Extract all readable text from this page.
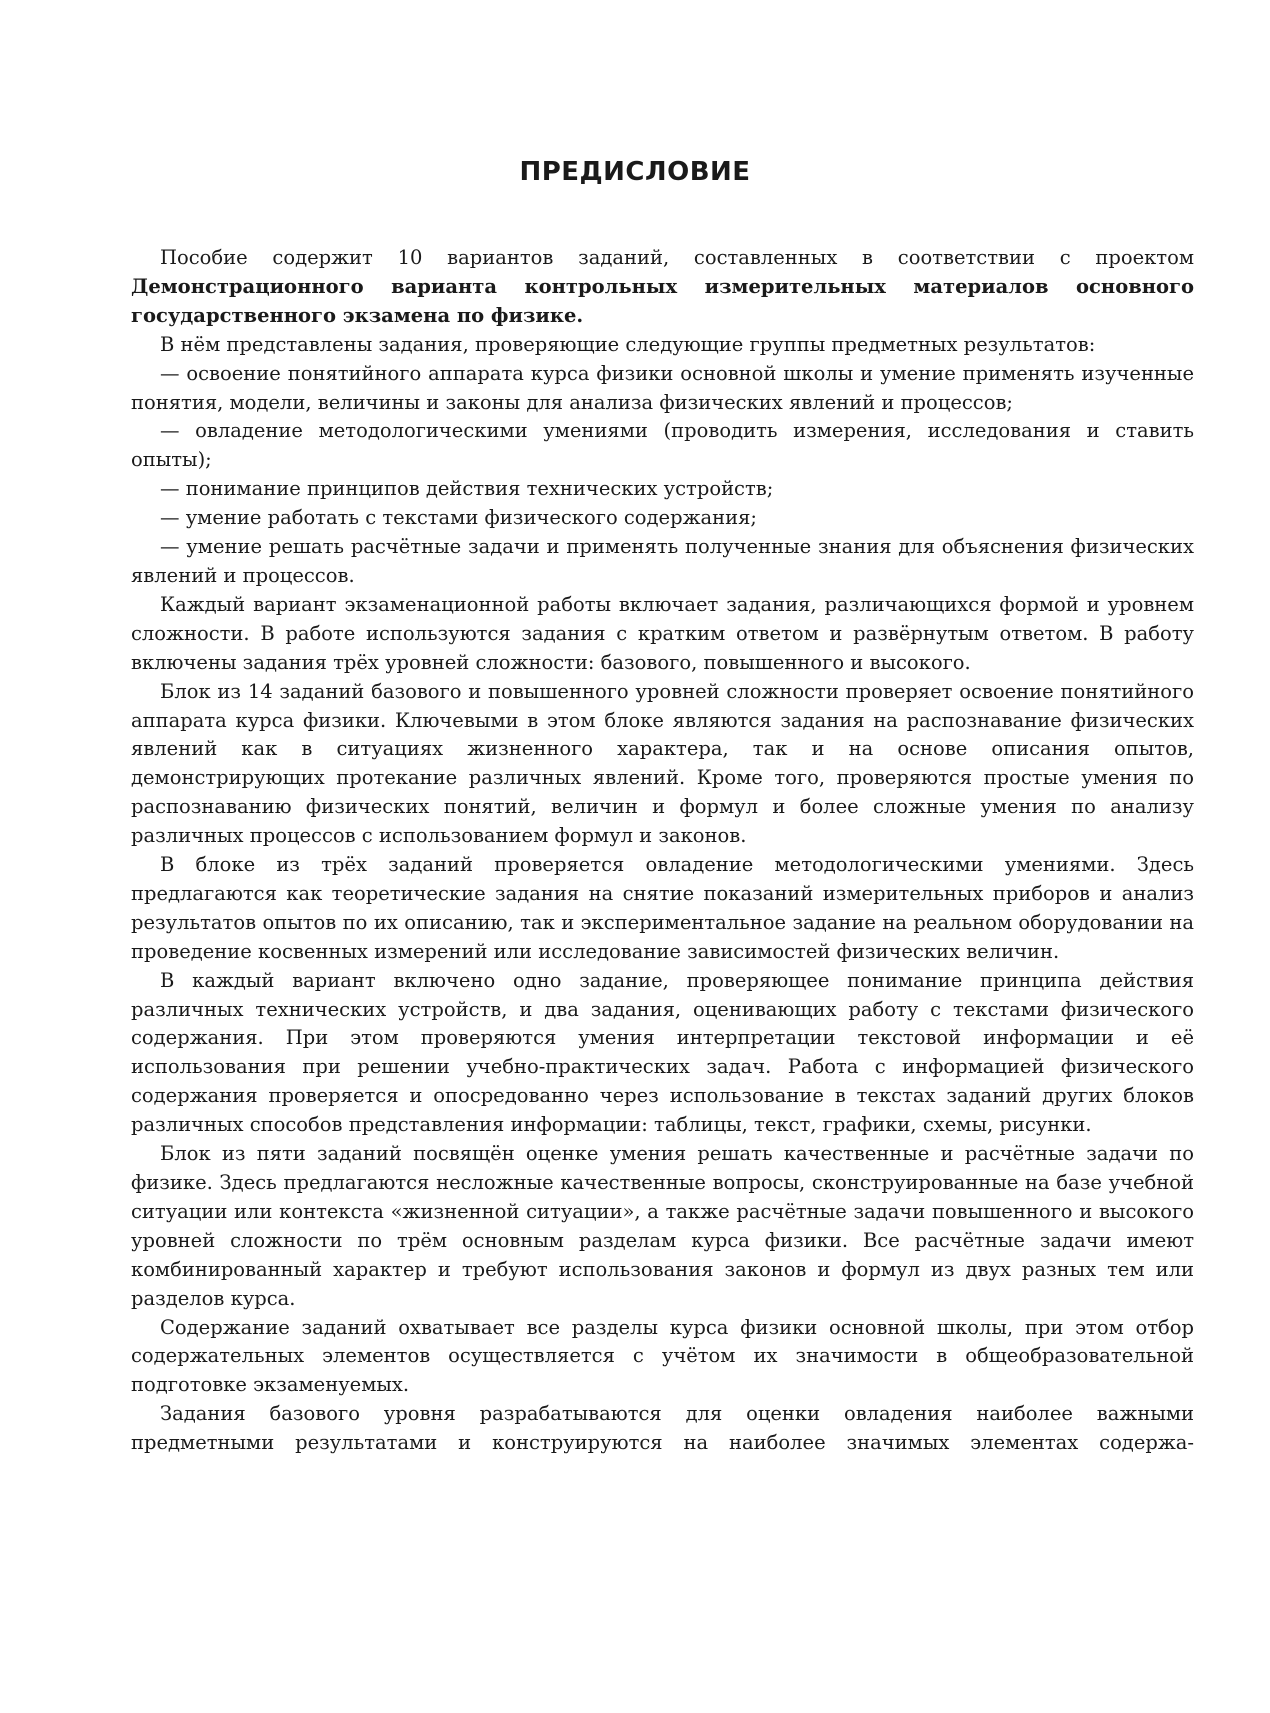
ПРЕДИСЛОВИЕ

Пособие содержит 10 вариантов заданий, составленных в соответствии с проектом Демонстрационного варианта контрольных измерительных материалов основного государственного экзамена по физике.

В нём представлены задания, проверяющие следующие группы предметных результатов:

— освоение понятийного аппарата курса физики основной школы и умение применять изученные понятия, модели, величины и законы для анализа физических явлений и процессов;

— овладение методологическими умениями (проводить измерения, исследования и ставить опыты);

— понимание принципов действия технических устройств;

— умение работать с текстами физического содержания;

— умение решать расчётные задачи и применять полученные знания для объяснения физических явлений и процессов.

Каждый вариант экзаменационной работы включает задания, различающихся формой и уровнем сложности. В работе используются задания с кратким ответом и развёрнутым ответом. В работу включены задания трёх уровней сложности: базового, повышенного и высокого.

Блок из 14 заданий базового и повышенного уровней сложности проверяет освоение понятийного аппарата курса физики. Ключевыми в этом блоке являются задания на распознавание физических явлений как в ситуациях жизненного характера, так и на основе описания опытов, демонстрирующих протекание различных явлений. Кроме того, проверяются простые умения по распознаванию физических понятий, величин и формул и более сложные умения по анализу различных процессов с использованием формул и законов.

В блоке из трёх заданий проверяется овладение методологическими умениями. Здесь предлагаются как теоретические задания на снятие показаний измерительных приборов и анализ результатов опытов по их описанию, так и экспериментальное задание на реальном оборудовании на проведение косвенных измерений или исследование зависимостей физических величин.

В каждый вариант включено одно задание, проверяющее понимание принципа действия различных технических устройств, и два задания, оценивающих работу с текстами физического содержания. При этом проверяются умения интерпретации текстовой информации и её использования при решении учебно-практических задач. Работа с информацией физического содержания проверяется и опосредованно через использование в текстах заданий других блоков различных способов представления информации: таблицы, текст, графики, схемы, рисунки.

Блок из пяти заданий посвящён оценке умения решать качественные и расчётные задачи по физике. Здесь предлагаются несложные качественные вопросы, сконструированные на базе учебной ситуации или контекста «жизненной ситуации», а также расчётные задачи повышенного и высокого уровней сложности по трём основным разделам курса физики. Все расчётные задачи имеют комбинированный характер и требуют использования законов и формул из двух разных тем или разделов курса.

Содержание заданий охватывает все разделы курса физики основной школы, при этом отбор содержательных элементов осуществляется с учётом их значимости в общеобразовательной подготовке экзаменуемых.

Задания базового уровня разрабатываются для оценки овладения наиболее важными предметными результатами и конструируются на наиболее значимых элементах содержа-
